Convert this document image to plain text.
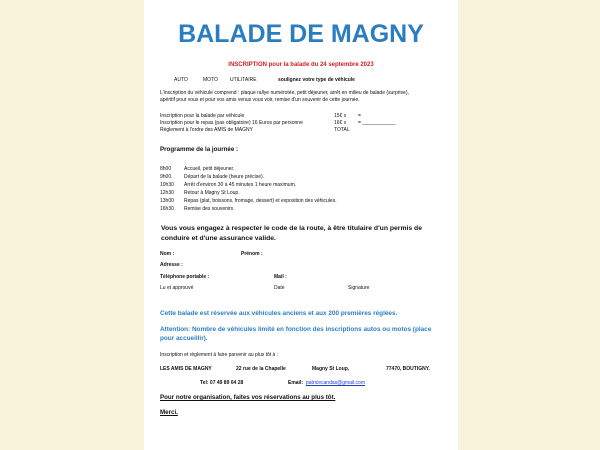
BALADE DE MAGNY
INSCRIPTION pour la balade du 24 septembre 2023
AUTO	MOTO UTILITAIRE	soulignez votre type de véhicule
L'inscription du véhicule comprend : plaque rallye numérotée, petit déjeuner, arrêt en milieu de balade (surprise),
apéritif pour vous et pour vos amis venus vous voir, remise d'un souvenir de cette journée.
Inscription pour la balade par véhicule	15€ x =
Inscription pour le repas (pas obligatoire) 16 Euros par personne	16€ x = ____________
Règlement à l'ordre des AMIS de MAGNY	TOTAL
Programme de la journée :
8h00	Accueil, petit déjeuner.
9h00. Départ de la balade (heure précise).
10h30 Arrêt d'environ 30 à 45 minutes 1 heure maximum.
12h30 Retour à Magny St Loup.
13h00 Repas (plat, boissons, fromage, dessert) et exposition des véhicules.
16h30 Remise des souvenirs.
Vous vous engagez à respecter le code de la route, à être titulaire d'un permis de
conduire et d'une assurance valide.
Nom :	Prénom :
Adresse :
Téléphone portable :	Mail :
Lu et approuvé	Date	Signature
Cette balade est réservée aux véhicules anciens et aux 200 premières réglées.
Attention: Nombre de véhicules limité en fonction des inscriptions autos ou motos (place
pour accueillir).
Inscription et règlement à faire parvenir au plus tôt à :
LES AMIS DE MAGNY	22 rue de la Chapelle	Magny St Loup,	77470, BOUTIGNY.
Tel: 07 49 89 04 28	Email: patricecandas@gmail.com
Pour notre organisation, faites vos réservations au plus tôt.
Merci.
